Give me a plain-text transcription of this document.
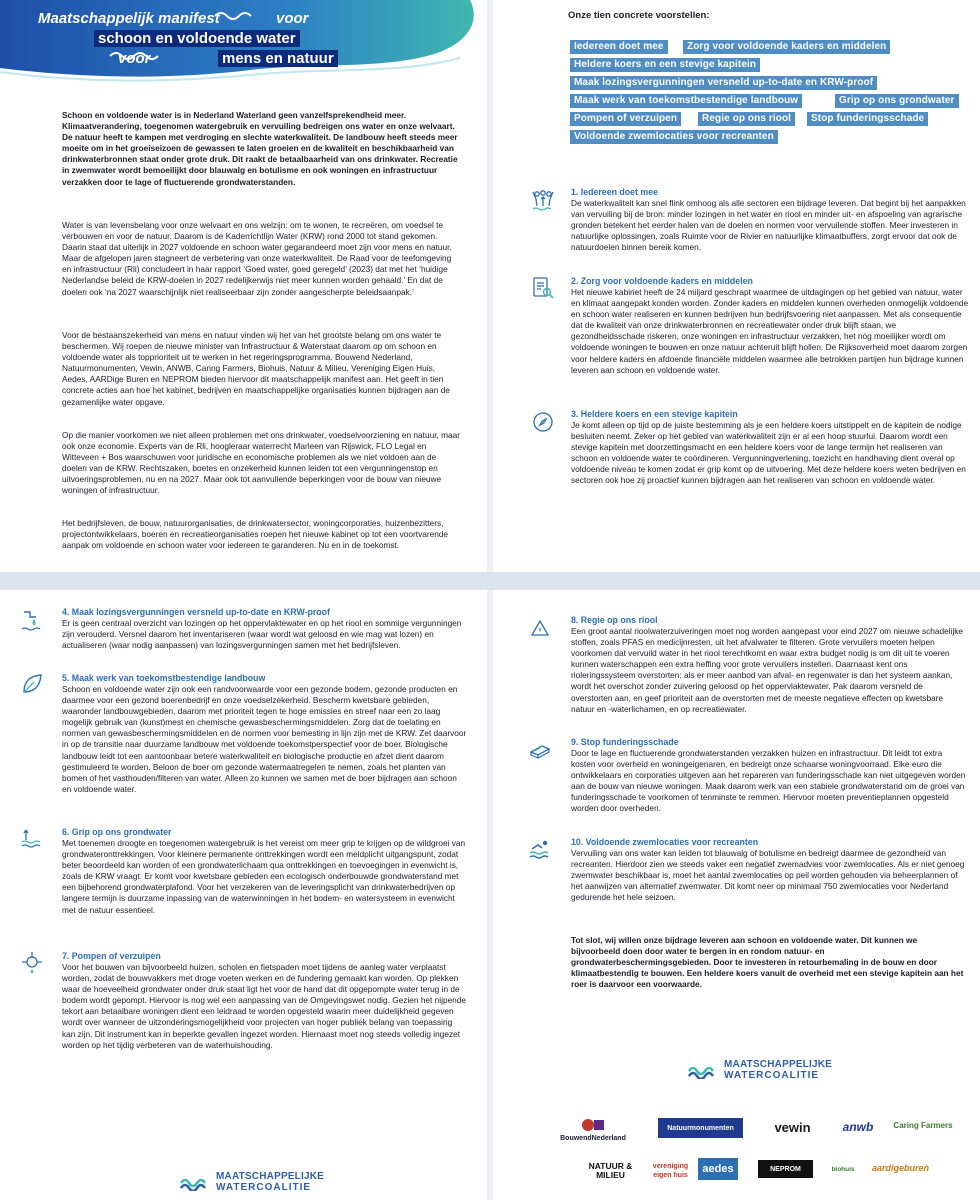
Maatschappelijk manifest	voor
schoon en voldoende water
voor	mens en natuur
Schoon en voldoende water is in Nederland Waterland geen vanzelfsprekendheid meer. Klimaatverandering, toegenomen watergebruik en vervuiling bedreigen ons water en onze welvaart. De natuur heeft te kampen met verdroging en slechte waterkwaliteit. De landbouw heeft steeds meer moeite om in het groeiseizoen de gewassen te laten groeien en de kwaliteit en beschikbaarheid van drinkwaterbronnen staat onder grote druk. Dit raakt de betaalbaarheid van ons drinkwater. Recreatie in zwemwater wordt bemoeilijkt door blauwalg en botulisme en ook woningen en infrastructuur verzakken door te lage of fluctuerende grondwaterstanden.
Water is van levensbelang voor onze welvaart en ons welzijn: om te wonen, te recreëren, om voedsel te verbouwen en voor de natuur. Daarom is de Kaderrichtlijn Water (KRW) rond 2000 tot stand gekomen. Daarin staat dat uiterlijk in 2027 voldoende en schoon water gegarandeerd moet zijn voor mens en natuur. Maar de afgelopen jaren stagneert de verbetering van onze waterkwaliteit. De Raad voor de leefomgeving en infrastructuur (Rli) concludeert in haar rapport ‘Goed water, goed geregeld’ (2023) dat met het ‘huidige Nederlandse beleid de KRW-doelen in 2027 redelijkerwijs niet meer kunnen worden gehaald.’ En dat de doelen ook ‘na 2027 waarschijnlijk niet realiseerbaar zijn zonder aangescherpte beleidsaanpak.’
Voor de bestaanszekerheid van mens en natuur vinden wij het van het grootste belang om ons water te beschermen. Wij roepen de nieuwe minister van Infrastructuur & Waterstaat daarom op om schoon en voldoende water als topprioriteit uit te werken in het regeringsprogramma. Bouwend Nederland, Natuurmonumenten, Vewin, ANWB, Caring Farmers, Biohuis, Natuur & Milieu, Vereniging Eigen Huis, Aedes, AARDige Buren en NEPROM bieden hiervoor dit maatschappelijk manifest aan. Het geeft in tien concrete acties aan hoe het kabinet, bedrijven en maatschappelijke organisaties kunnen bijdragen aan de gezamenlijke water opgave.
Op die manier voorkomen we niet alleen problemen met ons drinkwater, voedselvoorziening en natuur, maar ook onze economie. Experts van de Rli, hoogleraar waterrecht Marleen van Rijswick, FLO Legal en Witteveen + Bos waarschuwen voor juridische en economische problemen als we niet voldoen aan de doelen van de KRW. Rechtszaken, boetes en onzekerheid kunnen leiden tot een vergunningenstop en uitvoeringsproblemen, nu en na 2027. Maar ook tot aanvullende beperkingen voor de bouw van nieuwe woningen of infrastructuur.
Het bedrijfsleven, de bouw, natuurorganisaties, de drinkwatersector, woningcorporaties, huizenbezitters, projectontwikkelaars, boeren en recreatieorganisaties roepen het nieuwe kabinet op tot een voortvarende aanpak om voldoende en schoon water voor iedereen te garanderen. Nu en in de toekomst.
Onze tien concrete voorstellen:
Iedereen doet mee	Zorg voor voldoende kaders en middelen
Heldere koers en een stevige kapitein
Maak lozingsvergunningen versneld up-to-date en KRW-proof
Maak werk van toekomstbestendige landbouw	Grip op ons grondwater
Pompen of verzuipen	Regie op ons riool	Stop funderingsschade
Voldoende zwemlocaties voor recreanten
1. Iedereen doet mee
De waterkwaliteit kan snel flink omhoog als alle sectoren een bijdrage leveren. Dat begint bij het aanpakken van vervuiling bij de bron: minder lozingen in het water en riool en minder uit- en afspoeling van agrarische gronden betekent het eerder halen van de doelen en normen voor vervuilende stoffen. Meer investeren in natuurlijke oplossingen, zoals Ruimte voor de Rivier en natuurlijke klimaatbuffers, zorgt ervoor dat ook de natuurdoelen binnen bereik komen.
2. Zorg voor voldoende kaders en middelen
Het nieuwe kabinet heeft de 24 miljard geschrapt waarmee de uitdagingen op het gebied van natuur, water en klimaat aangepakt konden worden. Zonder kaders en middelen kunnen overheden onmogelijk voldoende en schoon water realiseren en kunnen bedrijven hun bedrijfsvoering niet aanpassen. Met als consequentie dat de kwaliteit van onze drinkwaterbronnen en recreatiewater onder druk blijft staan, we gezondheidsschade riskeren, onze woningen en infrastructuur verzakken, het nóg moeilijker wordt om voldoende woningen te bouwen en onze natuur achteruit blijft hollen. De Rijksoverheid moet daarom zorgen voor heldere kaders en afdoende financiële middelen waarmee alle betrokken partijen hun bijdrage kunnen leveren aan schoon en voldoende water.
3. Heldere koers en een stevige kapitein
Je komt alleen op tijd op de juiste bestemming als je een heldere koers uitstippelt en de kapitein de nodige besluiten neemt. Zeker op het gebied van waterkwaliteit zijn er al een hoop stuurlui. Daarom wordt een stevige kapitein met doorzettingsmacht en een heldere koers voor de lange termijn het realiseren van schoon en voldoende water te coördineren. Vergunningverlening, toezicht en handhaving dient overal op voldoende niveau te komen zodat er grip komt op de uitvoering. Met deze heldere koers weten bedrijven en sectoren ook hoe zij proactief kunnen bijdragen aan het realiseren van schoon en voldoende water.
4. Maak lozingsvergunningen versneld up-to-date en KRW-proof
Er is geen centraal overzicht van lozingen op het oppervlaktewater en op het riool en sommige vergunningen zijn verouderd. Versnel daarom het inventariseren (waar wordt wat geloosd en wie mag wat lozen) en actualiseren (waar nodig aanpassen) van lozingsvergunningen samen met het bedrijfsleven.
5. Maak werk van toekomstbestendige landbouw
Schoon en voldoende water zijn ook een randvoorwaarde voor een gezonde bodem, gezonde producten en daarmee voor een gezond boerenbedrijf en onze voedselzekerheid. Bescherm kwetsbare gebieden, waaronder landbouwgebieden, daarom met prioriteit tegen te hoge emissies en streef naar een zo laag mogelijk gebruik van (kunst)mest en chemische gewasbeschermingsmiddelen. Zorg dat de toelating en normen van gewasbeschermingsmiddelen en de normen voor bemesting in lijn zijn met de KRW. Zet daarvoor in op de transitie naar duurzame landbouw met voldoende toekomstperspectief voor de boer. Biologische landbouw leidt tot een aantoonbaar betere waterkwaliteit en biologische productie en afzet dient daarom gestimuleerd te worden. Beloon de boer om gezonde watermaatregelen te nemen, zoals het planten van bomen of het vasthouden/filteren van water. Alleen zo kunnen we samen met de boer bijdragen aan schoon en voldoende water.
6. Grip op ons grondwater
Met toenemen droogte en toegenomen watergebruik is het vereist om meer grip te krijgen op de wildgroei van grondwateronttrekkingen. Voor kleinere permanente onttrekkingen wordt een meldplicht uitgangspunt, zodat beter beoordeeld kan worden of een grondwaterlichaam qua onttrekkingen en toevoegingen in evenwicht is, zoals de KRW vraagt. Er komt voor kwetsbare gebieden een ecologisch onderbouwde grondwaterstand met een bijbehorend grondwaterplafond. Voor het verzekeren van de leveringsplicht van drinkwaterbedrijven op langere termijn is duurzame inpassing van de waterwinningen in het bodem- en watersysteem in evenwicht met de natuur essentieel.
7. Pompen of verzuipen
Voor het bouwen van bijvoorbeeld huizen, scholen en fietspaden moet tijdens de aanleg water verplaatst worden, zodat de bouwvakkers met droge voeten werken en de fundering gemaakt kan worden. Op plekken waar de hoeveelheid grondwater onder druk staat ligt het voor de hand dat dit opgepompte water terug in de bodem wordt gepompt. Hiervoor is nog wel een aanpassing van de Omgevingswet nodig. Gezien het nijpende tekort aan betaalbare woningen dient een leidraad te worden opgesteld waarin meer duidelijkheid gegeven wordt over wanneer de uitzonderingsmogelijkheid voor projecten van hoger publiek belang van toepassing kan zijn. Dit instrument kan in beperkte gevallen ingezet worden. Hiernaast moet nog steeds volledig ingezet worden op het tijdig verbeteren van de waterhuishouding.
MAATSCHAPPELIJKE
WATERCOALITIE
8. Regie op ons riool
Een groot aantal rioolwaterzuiveringen moet nog worden aangepast voor eind 2027 om nieuwe schadelijke stoffen, zoals PFAS en medicijnresten, uit het afvalwater te filteren. Grote vervuilers moeten helpen voorkomen dat vervuild water in het riool terechtkomt en waar extra budget nodig is om dit uit te voeren kunnen waterschappen een extra heffing voor grote vervuilers instellen. Daarnaast kent ons rioleringssysteem overstorten: als er meer aanbod van afval- en regenwater is dan het systeem aankan, wordt het overschot zonder zuivering geloosd op het oppervlaktewater. Pak daarom versneld de overstorten aan, en geef prioriteit aan de overstorten met de meeste negatieve effecten op kwetsbare natuur en -waterlichamen, en op recreatiewater.
9. Stop funderingsschade
Door te lage en fluctuerende grondwaterstanden verzakken huizen en infrastructuur. Dit leidt tot extra kosten voor overheid en woningeigenaren, en bedreigt onze schaarse woningvoorraad. Elke euro die ontwikkelaars en corporaties uitgeven aan het repareren van funderingsschade kan niet uitgegeven worden aan de bouw van nieuwe woningen. Maak daarom werk van een stabiele grondwaterstand om de groei van funderingsschade te voorkomen of tenminste te remmen. Hiervoor moeten preventieplannen opgesteld worden door overheden.
10. Voldoende zwemlocaties voor recreanten
Vervuiling van ons water kan leiden tot blauwalg of botulisme en bedreigt daarmee de gezondheid van recreanten. Hierdoor zien we steeds vaker een negatief zwemadvies voor zwemlocaties. Als er niet genoeg zwemwater beschikbaar is, moet het aantal zwemlocaties op peil worden gehouden via beheerplannen of het aanwijzen van alternatief zwemwater. Dit komt neer op minimaal 750 zwemlocaties voor Nederland gedurende het hele seizoen.
Tot slot, wij willen onze bijdrage leveren aan schoon en voldoende water. Dit kunnen we bijvoorbeeld doen door water te bergen in en rondom natuur- en grondwaterbeschermingsgebieden. Door te investeren in retourbemaling in de bouw en door klimaatbestendig te bouwen. Een heldere koers vanuit de overheid met een stevige kapitein aan het roer is daarvoor een voorwaarde.
MAATSCHAPPELIJKE
WATERCOALITIE
BouwendNederland
Natuurmonumenten	vewin	anwb	Caring Farmers
NATUUR & MILIEU
vereniging eigen huis
aedes	NEPROM	biohuis	aardigebureǹ
